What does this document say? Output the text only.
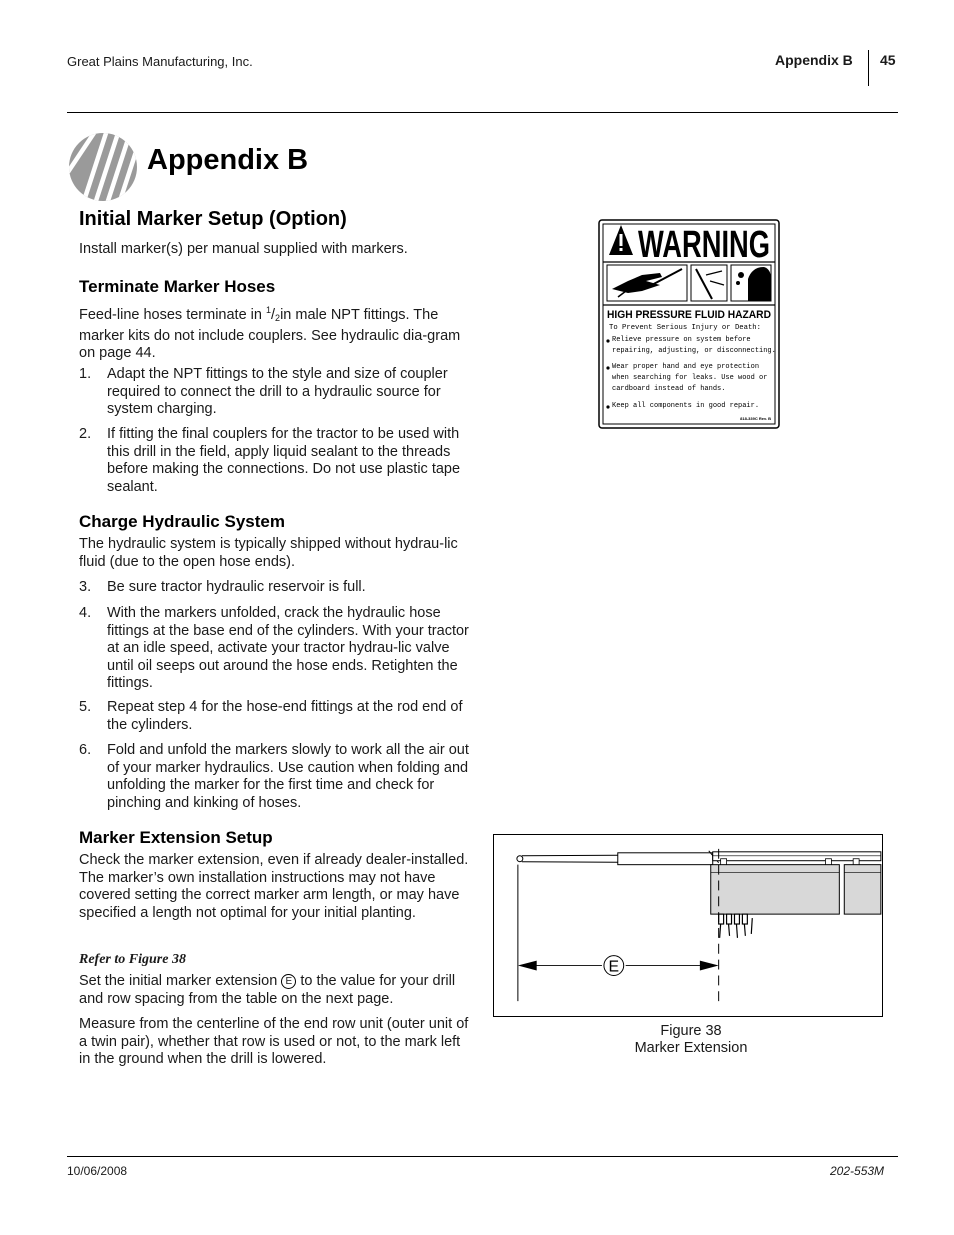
Great Plains Manufacturing, Inc.	Appendix B 45
Appendix B
Initial Marker Setup (Option)

Install marker(s) per manual supplied with markers.

Terminate Marker Hoses

Feed-line hoses terminate in $^1/_2in$ male NPT fittings. The marker kits do not include couplers. See hydraulic dia-gram on page 44.

1. Adapt the NPT fittings to the style and size of coupler required to connect the drill to a hydraulic source for system charging.
2. If fitting the final couplers for the tractor to be used with this drill in the field, apply liquid sealant to the threads before making the connections. Do not use plastic tape sealant.
Charge Hydraulic System

The hydraulic system is typically shipped without hydrau-lic fluid (due to the open hose ends).

3. Be sure tractor hydraulic reservoir is full.
4. With the markers unfolded, crack the hydraulic hose fittings at the base end of the cylinders. With your tractor at an idle speed, activate your tractor hydrau-lic valve until oil seeps out around the hose ends. Retighten the fittings.
5. Repeat step 4 for the hose-end fittings at the rod end of the cylinders.
6. Fold and unfold the markers slowly to work all the air out of your marker hydraulics. Use caution when folding and unfolding the marker for the first time and check for pinching and kinking of hoses.
Marker Extension Setup

Check the marker extension, even if already dealer-installed. The marker’s own installation instructions may not have covered setting the correct marker arm length, or may have specified a length not optimal for your initial planting.

Refer to Figure 38

Set the initial marker extension E to the value for your drill and row spacing from the table on the next page.

Measure from the centerline of the end row unit (outer unit of a twin pair), whether that row is used or not, to the mark left in the ground when the drill is lowered.

WARNING
HIGH PRESSURE FLUID HAZARD
To Prevent Serious Injury or Death:
Relieve pressure on system before repairing, adjusting, or disconnecting.
Wear proper hand and eye protection when searching for leaks. Use wood or cardboard instead of hands.
Keep all components in good repair.
818-339C Rev. B
E
Figure 38
Marker Extension
10/06/2008	202-553M
